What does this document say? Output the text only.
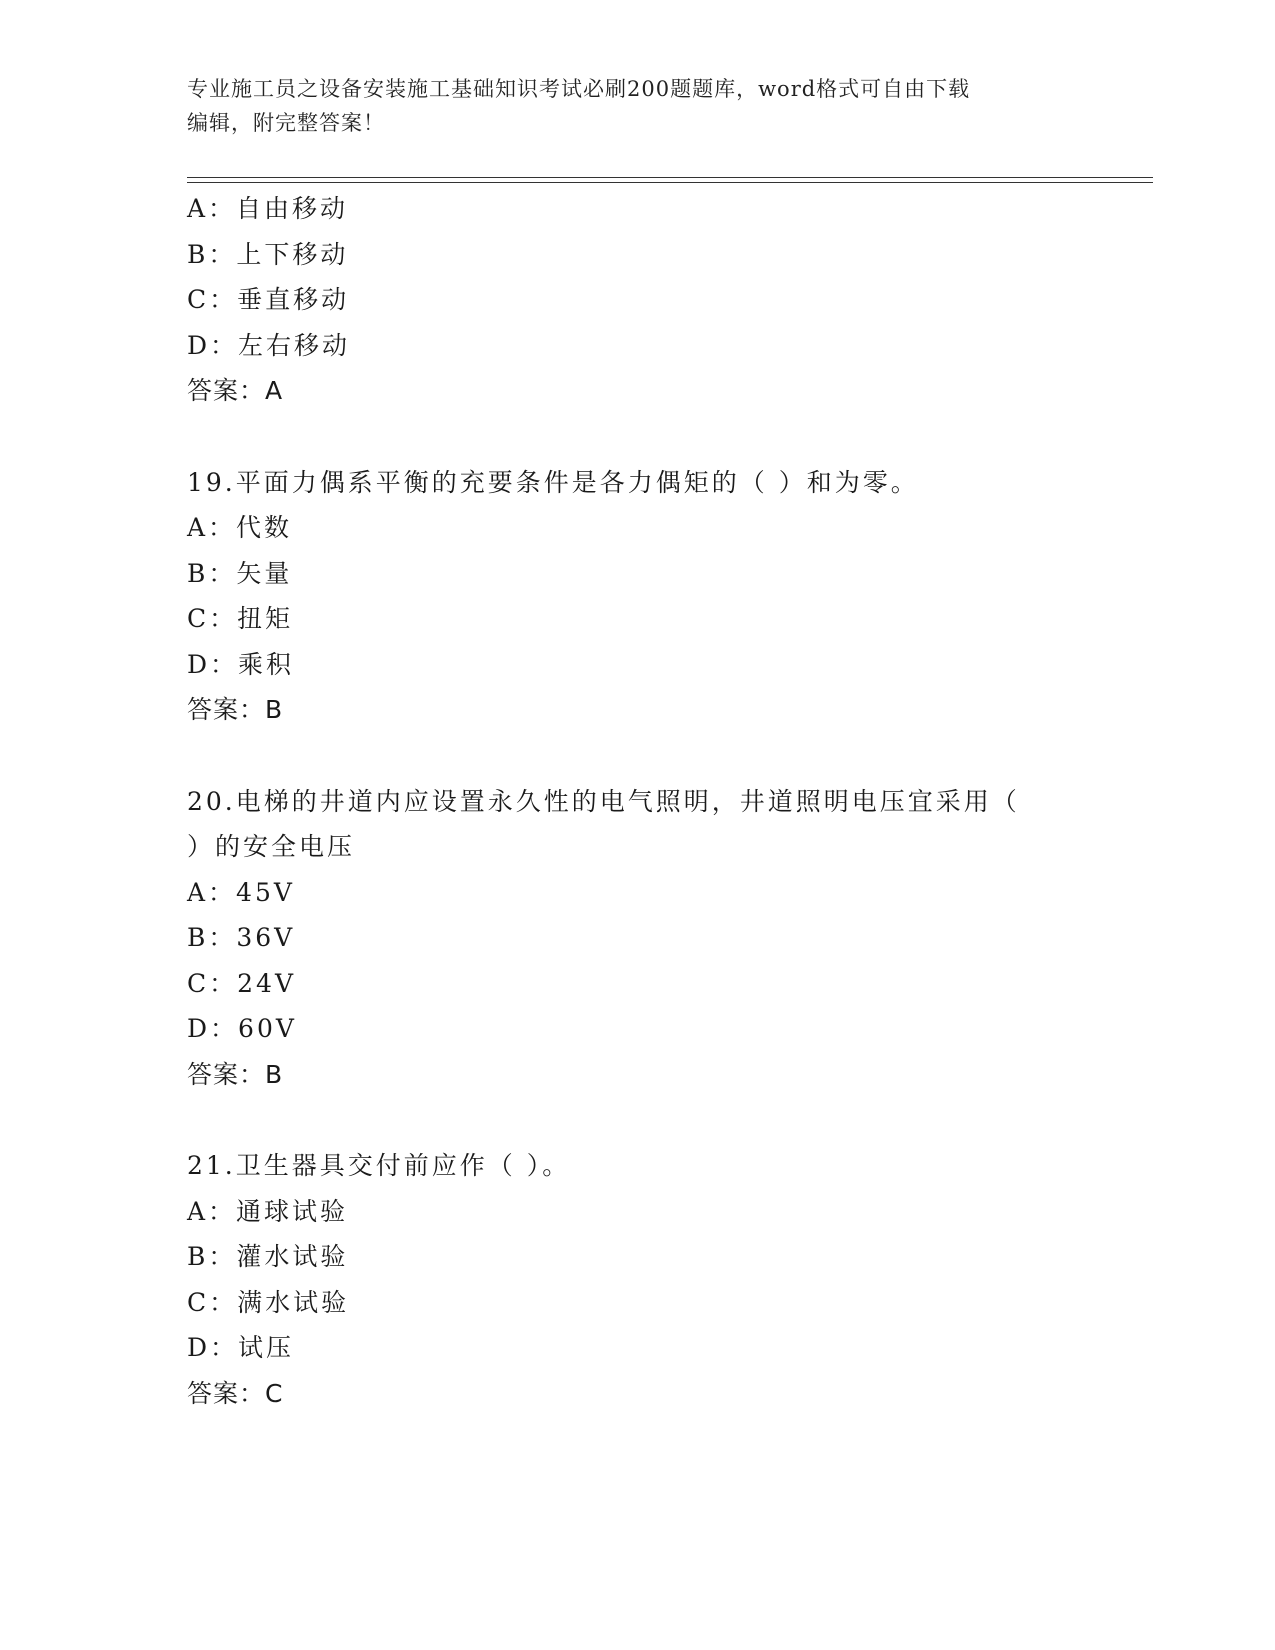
专业施工员之设备安装施工基础知识考试必刷200题题库，word格式可自由下载
编辑，附完整答案！
A：自由移动
B：上下移动
C：垂直移动
D：左右移动
答案：A
19.平面力偶系平衡的充要条件是各力偶矩的（ ）和为零。
A：代数
B：矢量
C：扭矩
D：乘积
答案：B
20.电梯的井道内应设置永久性的电气照明，井道照明电压宜采用（
）的安全电压
A：45V
B：36V
C：24V
D：60V
答案：B
21.卫生器具交付前应作（ ）。
A：通球试验
B：灌水试验
C：满水试验
D：试压
答案：C
